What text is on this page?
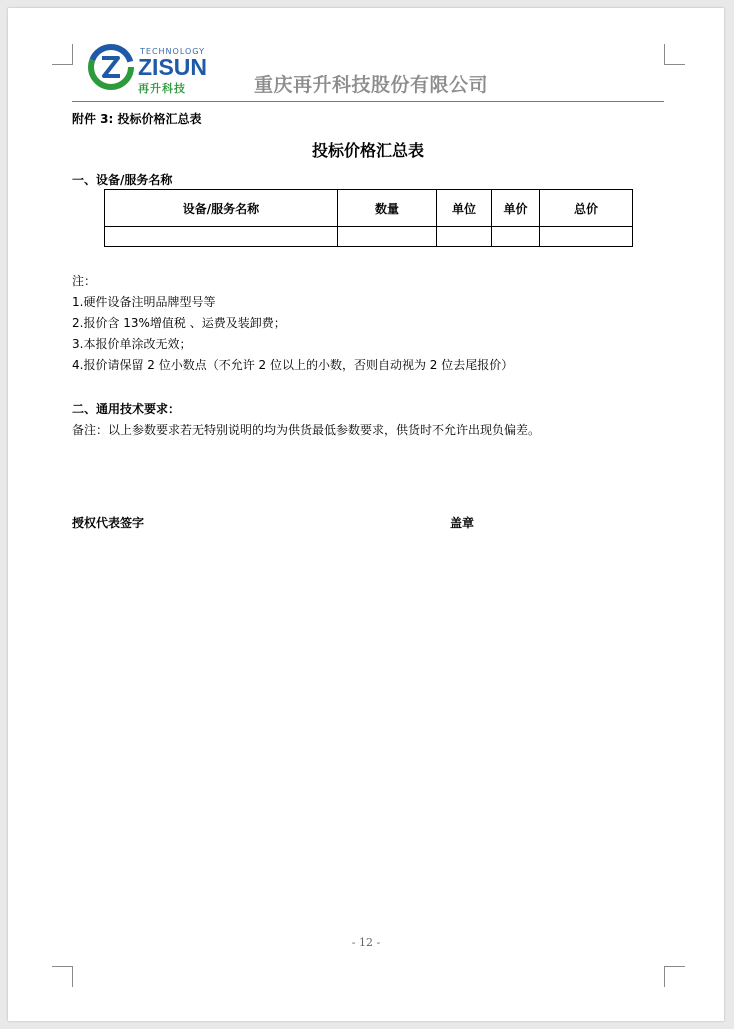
TECHNOLOGY
ZISUN
再升科技	重庆再升科技股份有限公司
附件 3: 投标价格汇总表
投标价格汇总表
一、设备/服务名称
设备/服务名称	数量	单位	单价	总价

注：
1.硬件设备注明品牌型号等
2.报价含 13%增值税 、运费及装卸费；
3.本报价单涂改无效；
4.报价请保留 2 位小数点（不允许 2 位以上的小数，否则自动视为 2 位去尾报价）
二、通用技术要求：
备注：以上参数要求若无特别说明的均为供货最低参数要求，供货时不允许出现负偏差。
授权代表签字	盖章
- 12 -
